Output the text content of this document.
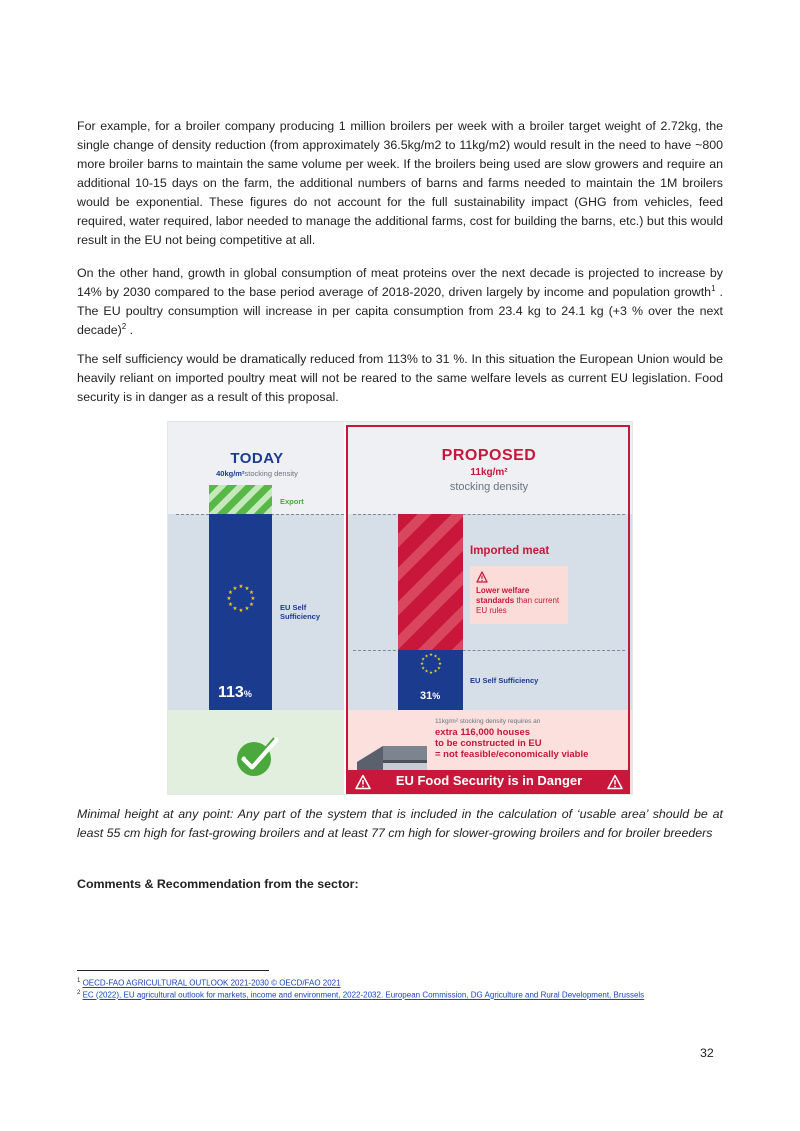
For example, for a broiler company producing 1 million broilers per week with a broiler target weight of 2.72kg, the single change of density reduction (from approximately 36.5kg/m2 to 11kg/m2) would result in the need to have ~800 more broiler barns to maintain the same volume per week. If the broilers being used are slow growers and require an additional 10-15 days on the farm, the additional numbers of barns and farms needed to maintain the 1M broilers would be exponential. These figures do not account for the full sustainability impact (GHG from vehicles, feed required, water required, labor needed to manage the additional farms, cost for building the barns, etc.) but this would result in the EU not being competitive at all.

On the other hand, growth in global consumption of meat proteins over the next decade is projected to increase by 14% by 2030 compared to the base period average of 2018-2020, driven largely by income and population growth$^1$ . The EU poultry consumption will increase in per capita consumption from 23.4 kg to 24.1 kg (+3 % over the next decade)$^2$ .

The self sufficiency would be dramatically reduced from 113% to 31 %. In this situation the European Union would be heavily reliant on imported poultry meat will not be reared to the same welfare levels as current EU legislation. Food security is in danger as a result of this proposal.

TODAY
40kg/m²stocking density
Export
★ ★
★
★
★
★
★
★
★
★
★
★
EU Self Sufficiency
113%
PROPOSED
11kg/m²
stocking density
★ ★
★
★
★
★
★
★
★
★
★
★
31%
Imported meat
Lower welfare standards than current EU rules
EU Self Sufficiency
11kg/m² stocking density requires an
extra 116,000 houses
to be constructed in EU
= not feasible/economically viable
EU Food Security is in Danger

Minimal height at any point: Any part of the system that is included in the calculation of ‘usable area’ should be at least 55 cm high for fast-growing broilers and at least 77 cm high for slower-growing broilers and for broiler breeders

Comments & Recommendation from the sector:

$^1$ OECD-FAO AGRICULTURAL OUTLOOK 2021-2030 © OECD/FAO 2021

$^2$ EC (2022), EU agricultural outlook for markets, income and environment, 2022-2032. European Commission, DG Agriculture and Rural Development, Brussels

32
